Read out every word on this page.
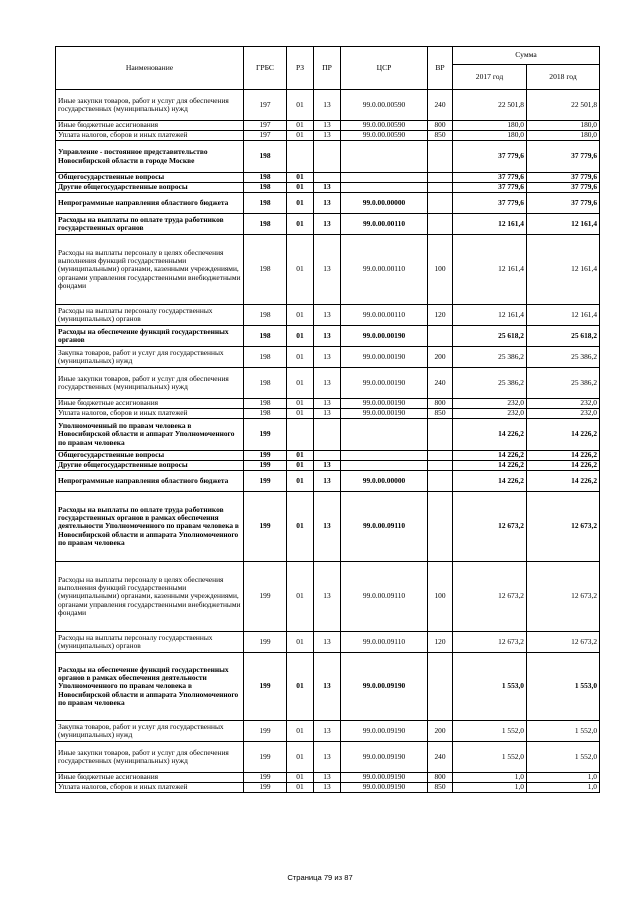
Наименование	ГРБС	РЗ	ПР	ЦСР	ВР	Сумма	
						2017 год	2018 год
Иные закупки товаров, работ и услуг для обеспечения государственных (муниципальных) нужд	197	01	13	99.0.00.00590	240	22 501,8	22 501,8
Иные бюджетные ассигнования	197	01	13	99.0.00.00590	800	180,0	180,0
Уплата налогов, сборов и иных платежей	197	01	13	99.0.00.00590	850	180,0	180,0
Управление - постоянное представительство Новосибирской области в городе Москве	198					37 779,6	37 779,6
Общегосударственные вопросы	198	01				37 779,6	37 779,6
Другие общегосударственные вопросы	198	01	13			37 779,6	37 779,6
Непрограммные направления областного бюджета	198	01	13	99.0.00.00000		37 779,6	37 779,6
Расходы на выплаты по оплате труда работников государственных органов	198	01	13	99.0.00.00110		12 161,4	12 161,4
Расходы на выплаты персоналу в целях обеспечения выполнения функций государственными (муниципальными) органами, казенными учреждениями, органами управления государственными внебюджетными фондами	198	01	13	99.0.00.00110	100	12 161,4	12 161,4
Расходы на выплаты персоналу государственных (муниципальных) органов	198	01	13	99.0.00.00110	120	12 161,4	12 161,4
Расходы на обеспечение функций государственных органов	198	01	13	99.0.00.00190		25 618,2	25 618,2
Закупка товаров, работ и услуг для государственных (муниципальных) нужд	198	01	13	99.0.00.00190	200	25 386,2	25 386,2
Иные закупки товаров, работ и услуг для обеспечения государственных (муниципальных) нужд	198	01	13	99.0.00.00190	240	25 386,2	25 386,2
Иные бюджетные ассигнования	198	01	13	99.0.00.00190	800	232,0	232,0
Уплата налогов, сборов и иных платежей	198	01	13	99.0.00.00190	850	232,0	232,0
Уполномоченный по правам человека в Новосибирской области и аппарат Уполномоченного по правам человека	199					14 226,2	14 226,2
Общегосударственные вопросы	199	01				14 226,2	14 226,2
Другие общегосударственные вопросы	199	01	13			14 226,2	14 226,2
Непрограммные направления областного бюджета	199	01	13	99.0.00.00000		14 226,2	14 226,2
Расходы на выплаты по оплате труда работников государственных органов в рамках обеспечения деятельности Уполномоченного по правам человека в Новосибирской области и аппарата Уполномоченного по правам человека	199	01	13	99.0.00.09110		12 673,2	12 673,2
Расходы на выплаты персоналу в целях обеспечения выполнения функций государственными (муниципальными) органами, казенными учреждениями, органами управления государственными внебюджетными фондами	199	01	13	99.0.00.09110	100	12 673,2	12 673,2
Расходы на выплаты персоналу государственных (муниципальных) органов	199	01	13	99.0.00.09110	120	12 673,2	12 673,2
Расходы на обеспечение функций государственных органов в рамках обеспечения деятельности Уполномоченного по правам человека в Новосибирской области и аппарата Уполномоченного по правам человека	199	01	13	99.0.00.09190		1 553,0	1 553,0
Закупка товаров, работ и услуг для государственных (муниципальных) нужд	199	01	13	99.0.00.09190	200	1 552,0	1 552,0
Иные закупки товаров, работ и услуг для обеспечения государственных (муниципальных) нужд	199	01	13	99.0.00.09190	240	1 552,0	1 552,0
Иные бюджетные ассигнования	199	01	13	99.0.00.09190	800	1,0	1,0
Уплата налогов, сборов и иных платежей	199	01	13	99.0.00.09190	850	1,0	1,0
Страница 79 из 87
